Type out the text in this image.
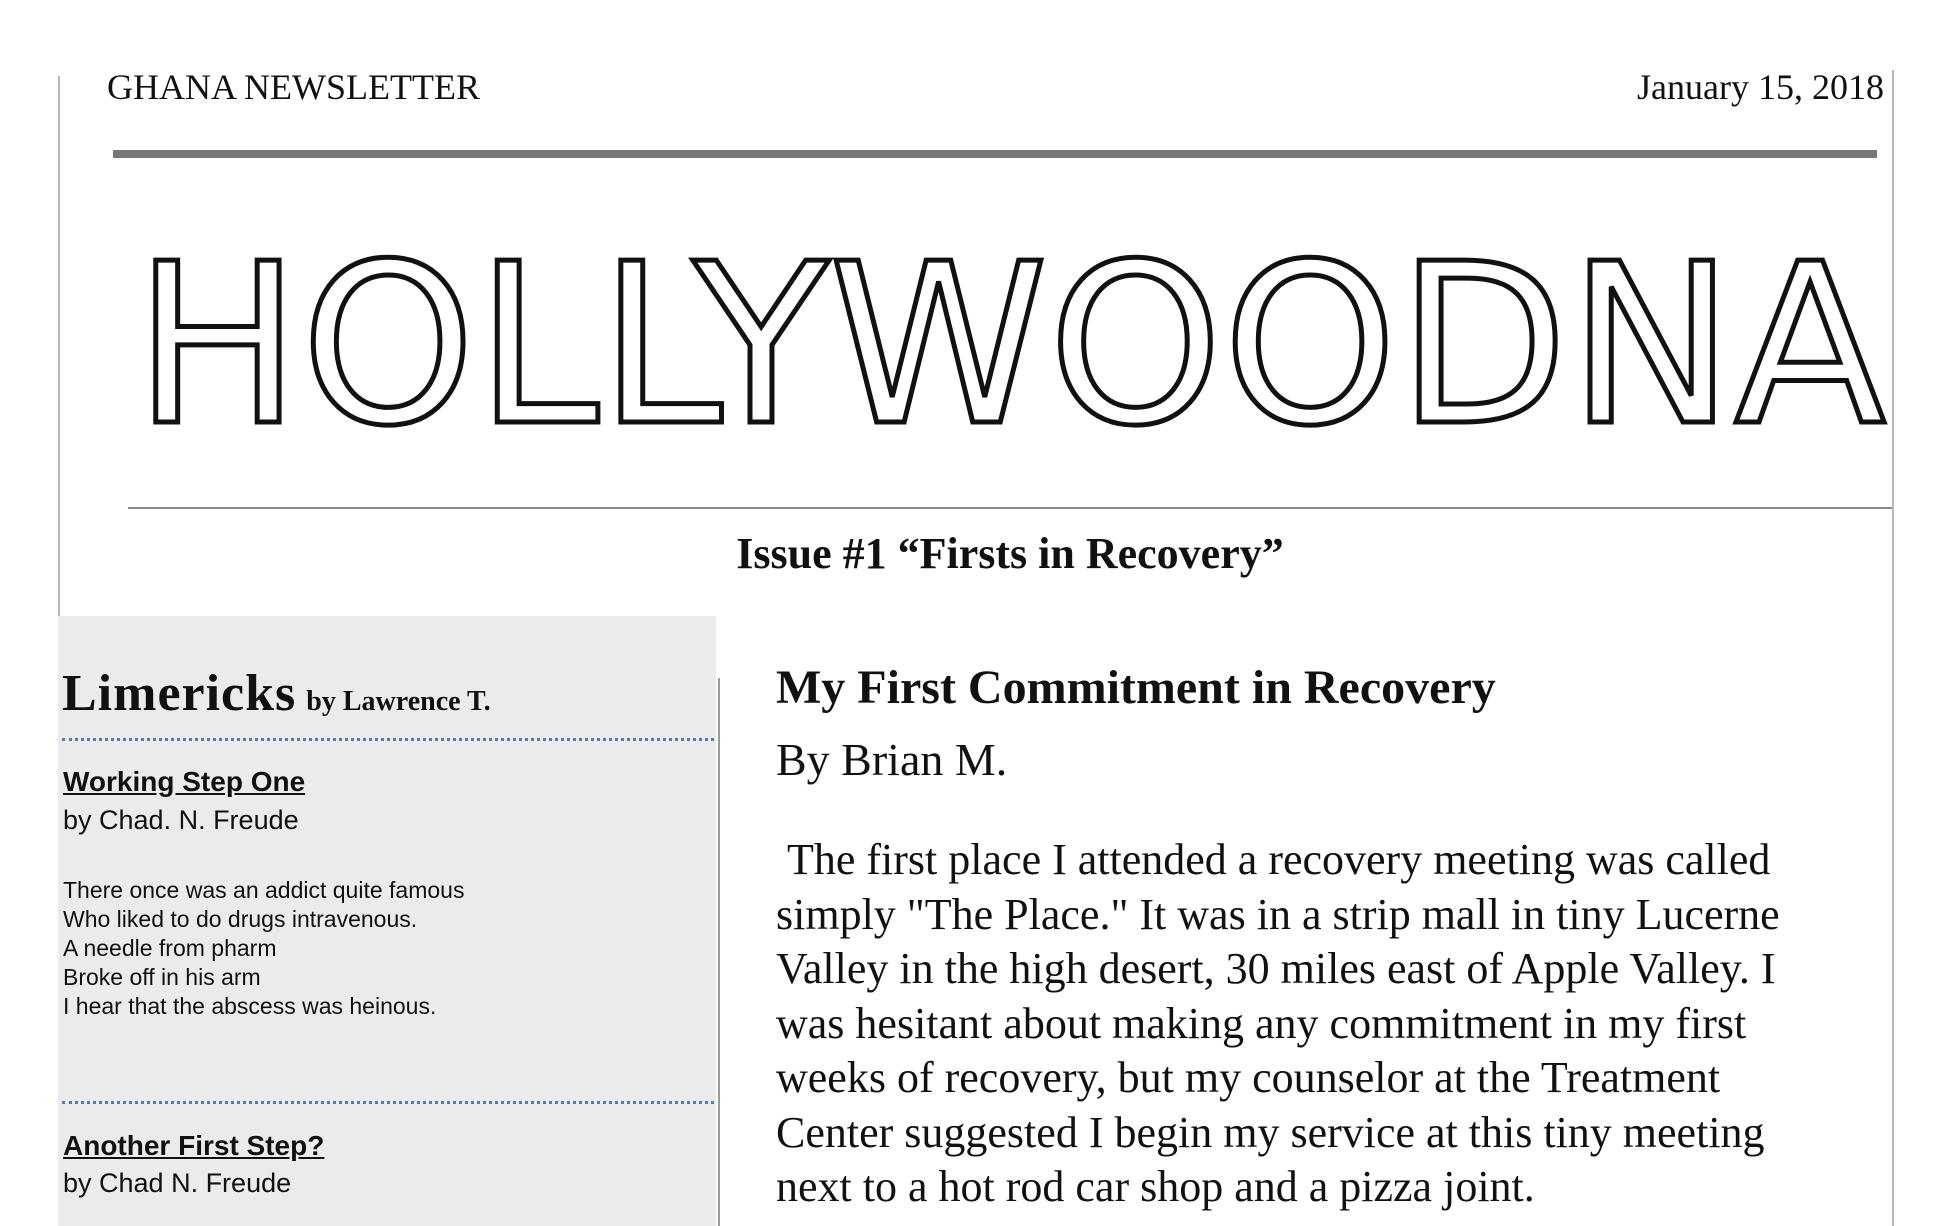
GHANA NEWSLETTER	January 15, 2018
HOLLYWOODNA
Issue #1 “Firsts in Recovery”
Limericks by Lawrence T.
Working Step One
by Chad. N. Freude
There once was an addict quite famous
Who liked to do drugs intravenous.
A needle from pharm
Broke off in his arm
I hear that the abscess was heinous.
Another First Step?
by Chad N. Freude
My First Commitment in Recovery
By Brian M.
The first place I attended a recovery meeting was called
simply "The Place." It was in a strip mall in tiny Lucerne
Valley in the high desert, 30 miles east of Apple Valley. I
was hesitant about making any commitment in my first
weeks of recovery, but my counselor at the Treatment
Center suggested I begin my service at this tiny meeting
next to a hot rod car shop and a pizza joint.
